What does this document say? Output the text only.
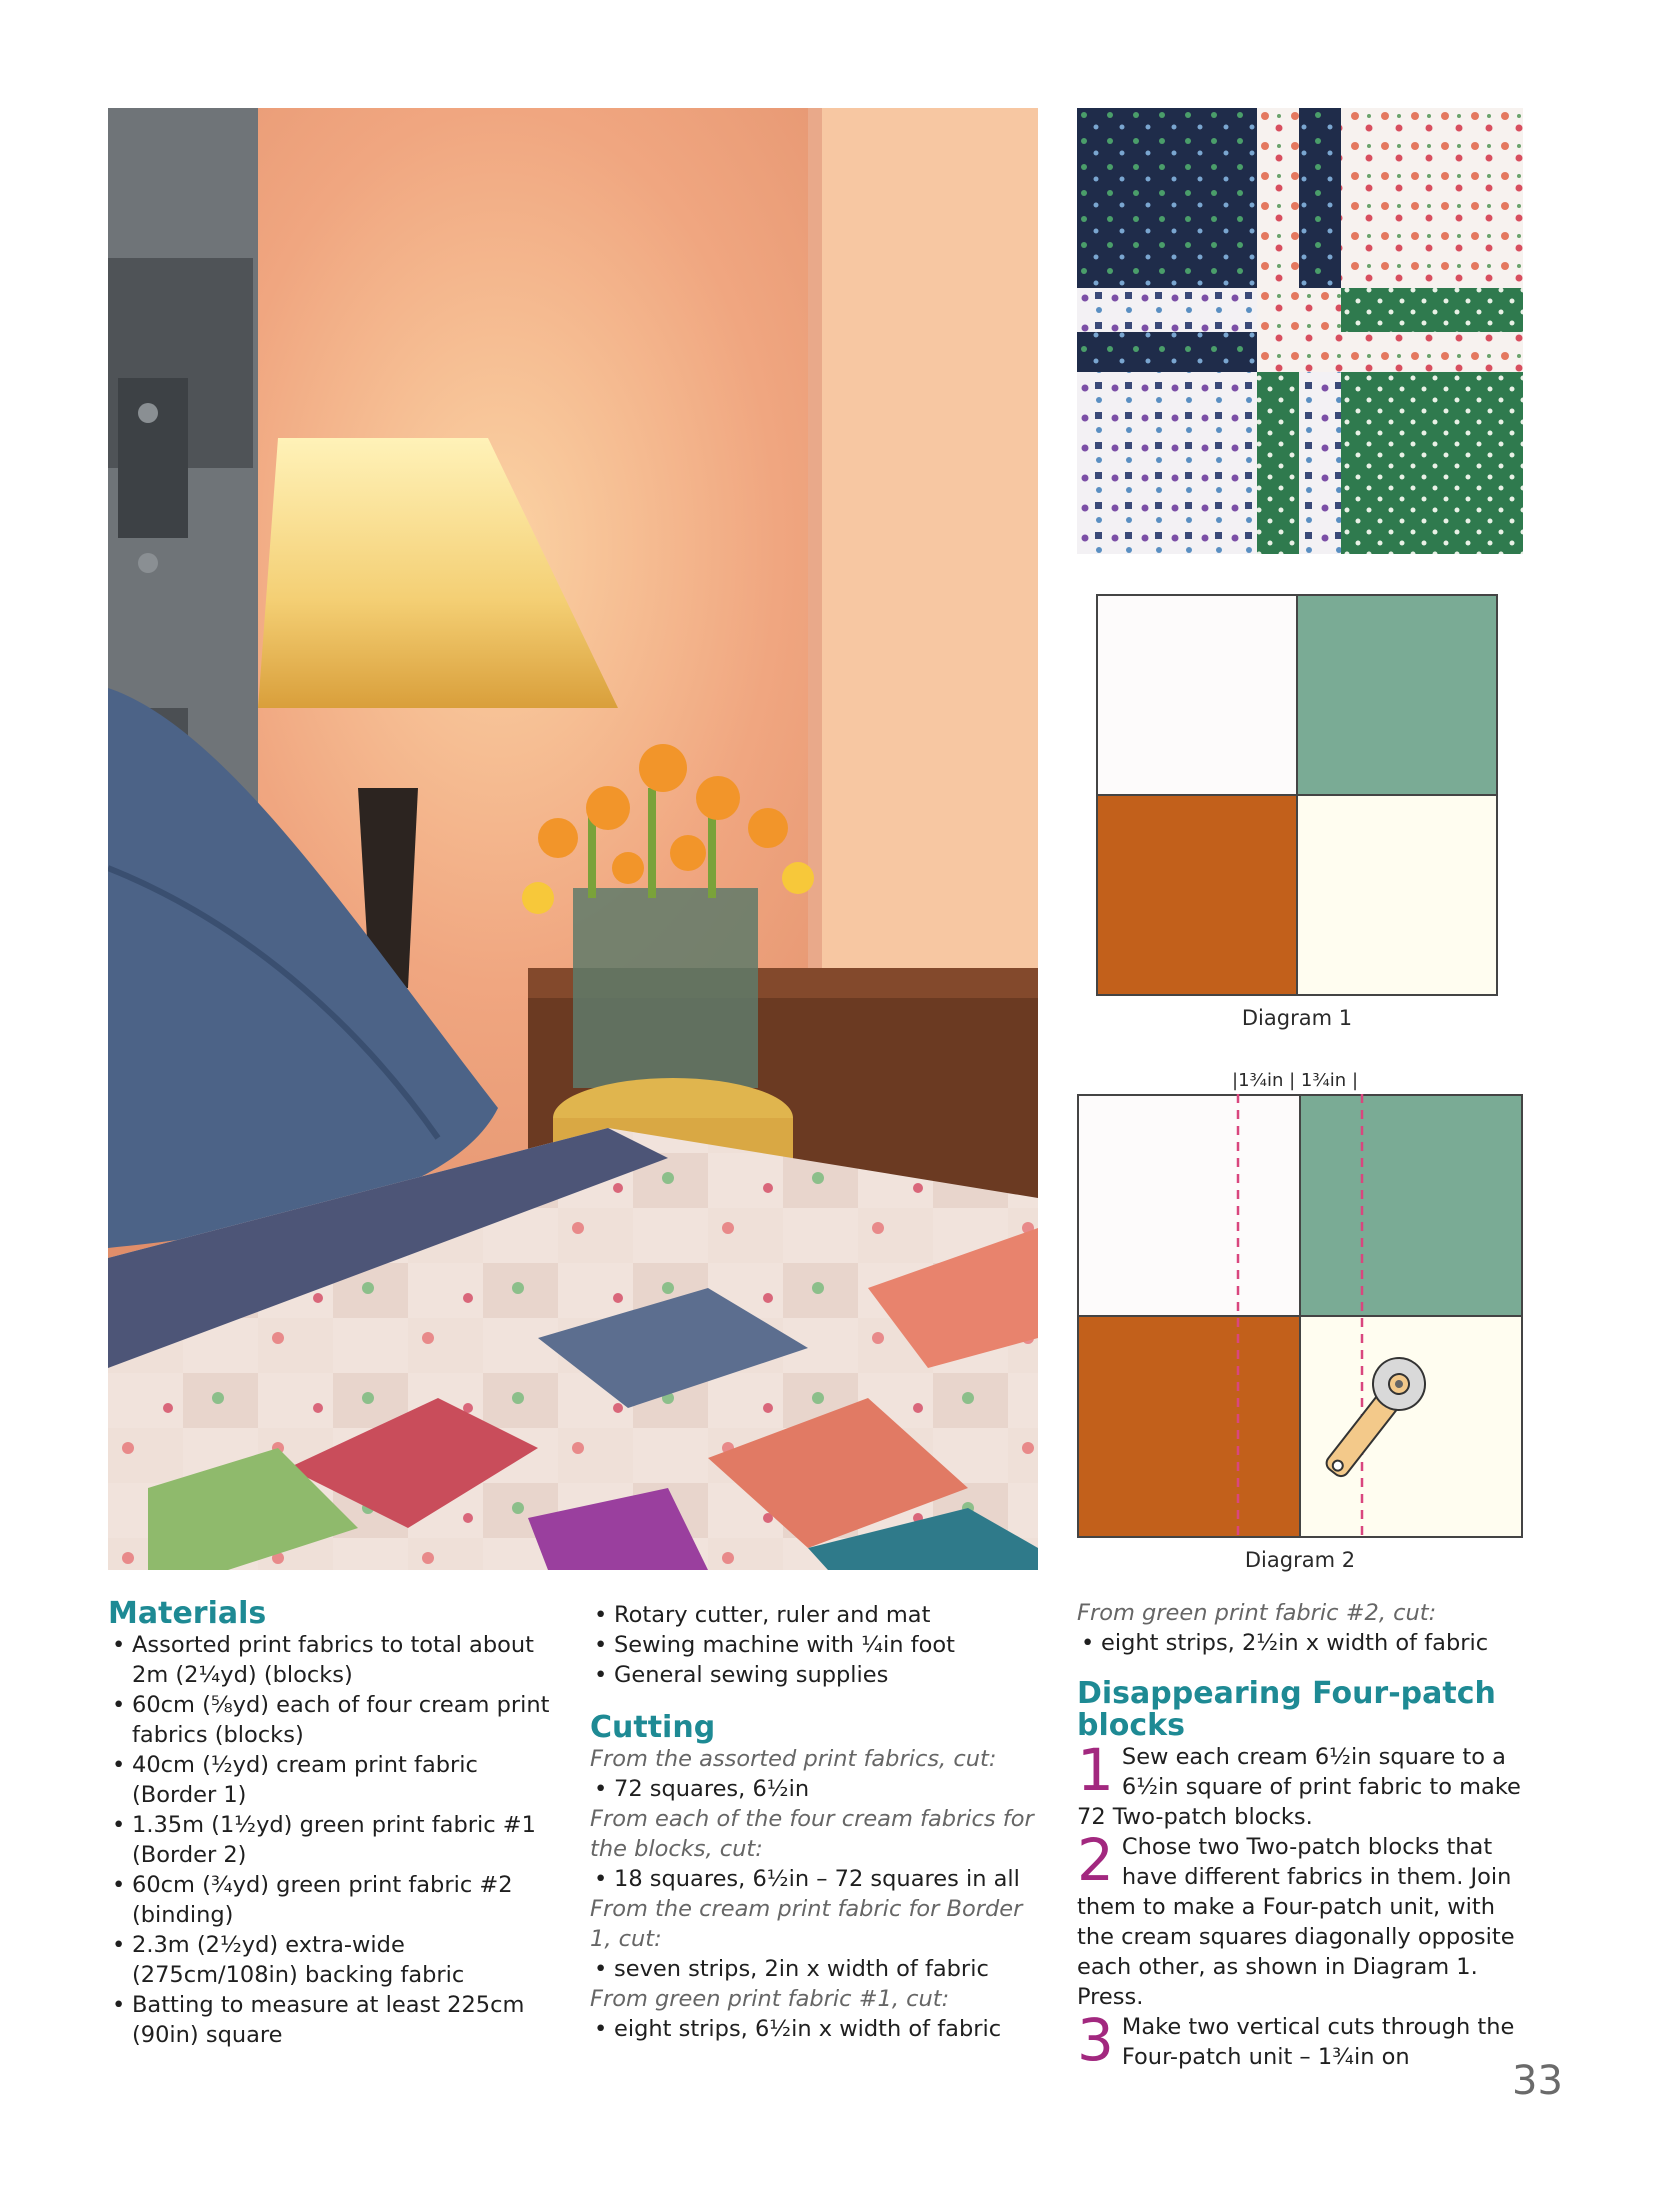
Diagram 1
|1¾in | 1¾in |
Diagram 2
Materials
• Assorted print fabrics to total about 2m (2¼yd) (blocks)
• 60cm (⅝yd) each of four cream print fabrics (blocks)
• 40cm (½yd) cream print fabric (Border 1)
• 1.35m (1½yd) green print fabric #1 (Border 2)
• 60cm (¾yd) green print fabric #2 (binding)
• 2.3m (2½yd) extra-wide (275cm/108in) backing fabric
• Batting to measure at least 225cm (90in) square
• Rotary cutter, ruler and mat
• Sewing machine with ¼in foot
• General sewing supplies
Cutting
From the assorted print fabrics, cut:
• 72 squares, 6½in
From each of the four cream fabrics for the blocks, cut:
• 18 squares, 6½in – 72 squares in all
From the cream print fabric for Border 1, cut:
• seven strips, 2in x width of fabric
From green print fabric #1, cut:
• eight strips, 6½in x width of fabric
From green print fabric #2, cut:
• eight strips, 2½in x width of fabric
Disappearing Four-patch blocks
1 Sew each cream 6½in square to a 6½in square of print fabric to make 72 Two-patch blocks.
2 Chose two Two-patch blocks that have different fabrics in them. Join them to make a Four-patch unit, with the cream squares diagonally opposite each other, as shown in Diagram 1. Press.
3 Make two vertical cuts through the Four-patch unit – 1¾in on
33
